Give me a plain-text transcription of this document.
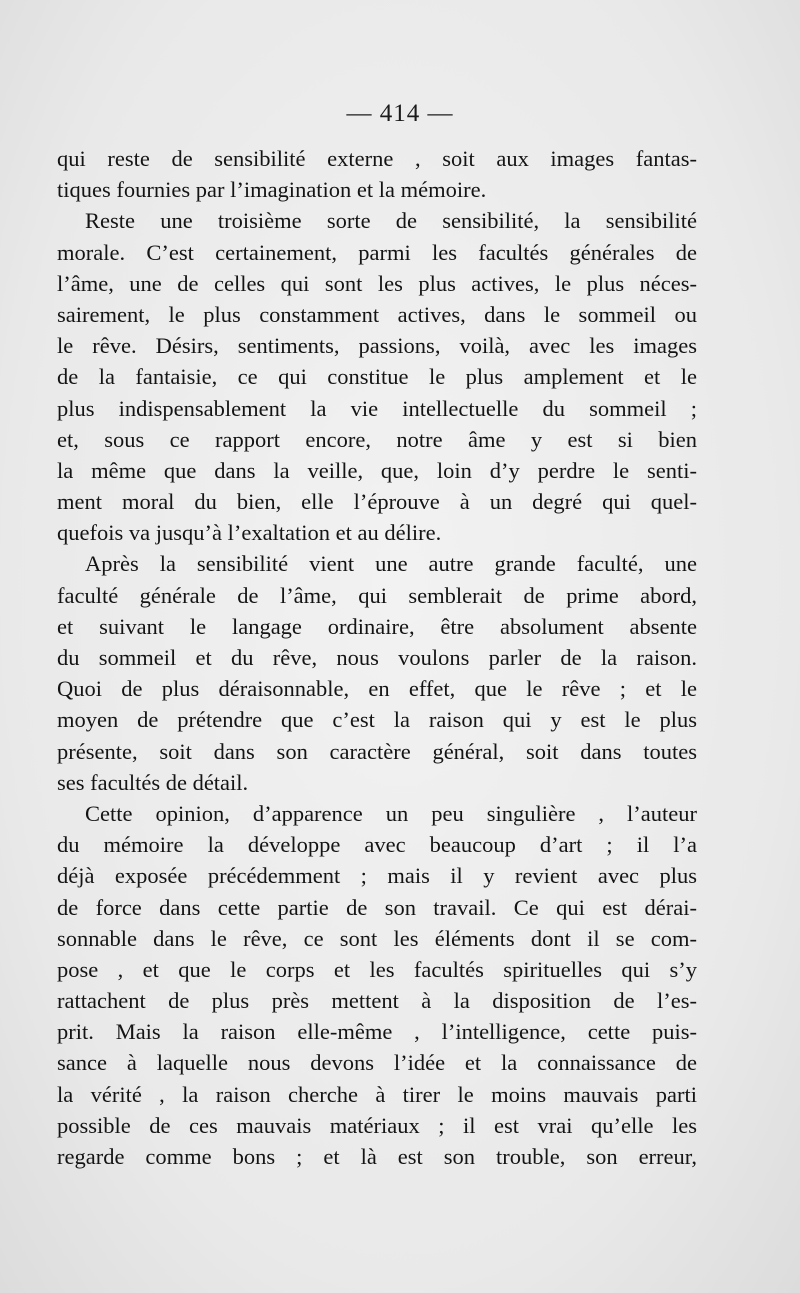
— 414 —
qui reste de sensibilité externe , soit aux images fantas-
tiques fournies par l’imagination et la mémoire.
Reste une troisième sorte de sensibilité, la sensibilité
morale. C’est certainement, parmi les facultés générales de
l’âme, une de celles qui sont les plus actives, le plus néces-
sairement, le plus constamment actives, dans le sommeil ou
le rêve. Désirs, sentiments, passions, voilà, avec les images
de la fantaisie, ce qui constitue le plus amplement et le
plus indispensablement la vie intellectuelle du sommeil ;
et, sous ce rapport encore, notre âme y est si bien
la même que dans la veille, que, loin d’y perdre le senti-
ment moral du bien, elle l’éprouve à un degré qui quel-
quefois va jusqu’à l’exaltation et au délire.
Après la sensibilité vient une autre grande faculté, une
faculté générale de l’âme, qui semblerait de prime abord,
et suivant le langage ordinaire, être absolument absente
du sommeil et du rêve, nous voulons parler de la raison.
Quoi de plus déraisonnable, en effet, que le rêve ; et le
moyen de prétendre que c’est la raison qui y est le plus
présente, soit dans son caractère général, soit dans toutes
ses facultés de détail.
Cette opinion, d’apparence un peu singulière , l’auteur
du mémoire la développe avec beaucoup d’art ; il l’a
déjà exposée précédemment ; mais il y revient avec plus
de force dans cette partie de son travail. Ce qui est dérai-
sonnable dans le rêve, ce sont les éléments dont il se com-
pose , et que le corps et les facultés spirituelles qui s’y
rattachent de plus près mettent à la disposition de l’es-
prit. Mais la raison elle-même , l’intelligence, cette puis-
sance à laquelle nous devons l’idée et la connaissance de
la vérité , la raison cherche à tirer le moins mauvais parti
possible de ces mauvais matériaux ; il est vrai qu’elle les
regarde comme bons ; et là est son trouble, son erreur,
